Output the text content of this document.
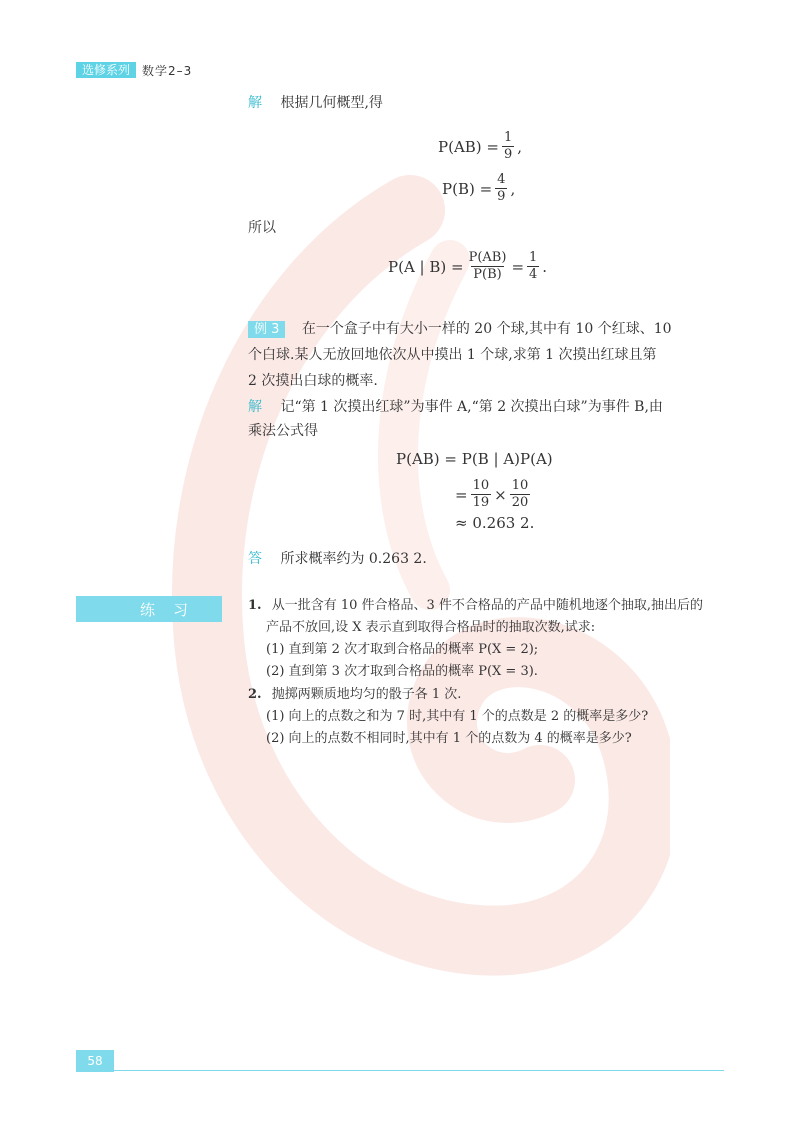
选修系列	数学2–3
解 根据几何概型,得
$P(AB) = \frac{1}{9}$ ,
$P(B) = \frac{4}{9}$ ,
所以
P(A | $B) = \frac{P(AB)}{P(B)} = \frac{1}{4}$ .
例 3 在一个盒子中有大小一样的 20 个球,其中有 10 个红球、10
个白球.某人无放回地依次从中摸出 1 个球,求第 1 次摸出红球且第
2 次摸出白球的概率.
解 记“第 1 次摸出红球”为事件 A,“第 2 次摸出白球”为事件 B,由
乘法公式得
P(AB) = P(B | A)P(A)
= $\frac{10}{19} \times \frac{10}{20}$
≈ 0.263 2.
答 所求概率约为 0.263 2.
练习	1. 从一批含有 10 件合格品、3 件不合格品的产品中随机地逐个抽取,抽出后的
产品不放回,设 X 表示直到取得合格品时的抽取次数,试求:
(1) 直到第 2 次才取到合格品的概率 P(X = 2);
(2) 直到第 3 次才取到合格品的概率 P(X = 3).
2. 抛掷两颗质地均匀的骰子各 1 次.
(1) 向上的点数之和为 7 时,其中有 1 个的点数是 2 的概率是多少?
(2) 向上的点数不相同时,其中有 1 个的点数为 4 的概率是多少?
58
